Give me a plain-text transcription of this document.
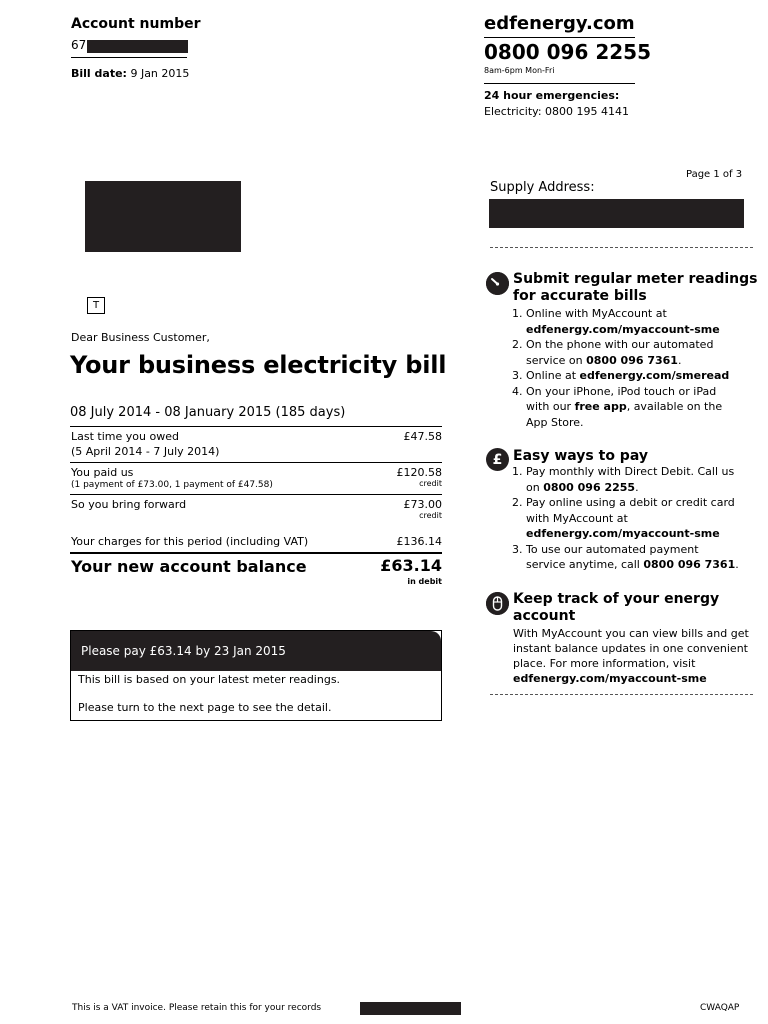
Account number
67
Bill date: 9 Jan 2015
edfenergy.com
0800 096 2255
8am-6pm Mon-Fri
24 hour emergencies:
Electricity: 0800 195 4141
T
Page 1 of 3
Supply Address:
Dear Business Customer,
Your business electricity bill
08 July 2014 - 08 January 2015 (185 days)
Last time you owed
(5 April 2014 - 7 July 2014)
£47.58
You paid us
(1 payment of £73.00, 1 payment of £47.58)
£120.58
credit
So you bring forward	£73.00
credit
Your charges for this period (including VAT)	£136.14
Your new account balance	£63.14
in debit
Please pay £63.14 by 23 Jan 2015
This bill is based on your latest meter readings.
Please turn to the next page to see the detail.
Submit regular meter readings
for accurate bills
1. Online with MyAccount at
edfenergy.com/myaccount-sme
2. On the phone with our automated
service on 0800 096 7361.
3. Online at edfenergy.com/smeread
4. On your iPhone, iPod touch or iPad
with our free app, available on the
App Store.
£ Easy ways to pay
1. Pay monthly with Direct Debit. Call us
on 0800 096 2255.
2. Pay online using a debit or credit card
with MyAccount at
edfenergy.com/myaccount-sme
3. To use our automated payment
service anytime, call 0800 096 7361.
Keep track of your energy
account
With MyAccount you can view bills and get
instant balance updates in one convenient
place. For more information, visit
edfenergy.com/myaccount-sme
This is a VAT invoice. Please retain this for your records	CWAQAP
